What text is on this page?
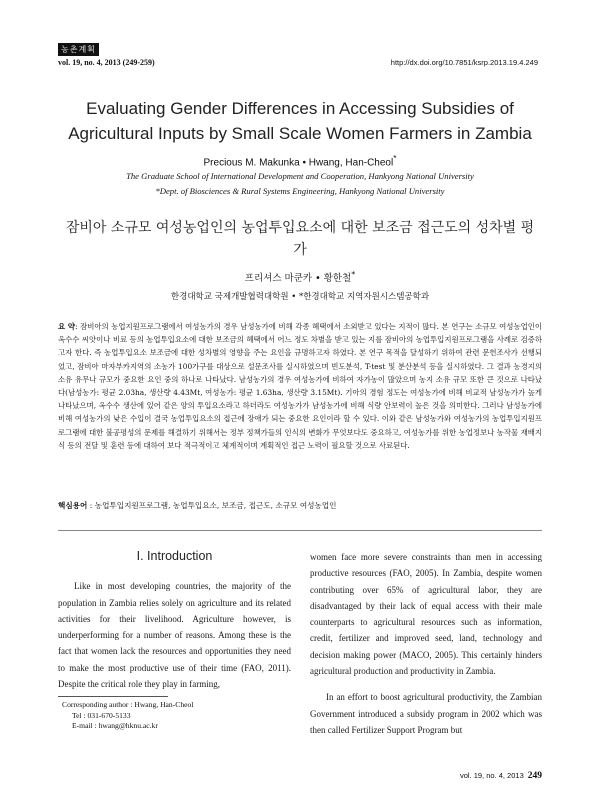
농촌계획
vol. 19, no. 4, 2013 (249-259)	http://dx.doi.org/10.7851/ksrp.2013.19.4.249
Evaluating Gender Differences in Accessing Subsidies of Agricultural Inputs by Small Scale Women Farmers in Zambia
Precious M. Makunka • Hwang, Han-Cheol*
The Graduate School of International Development and Cooperation, Hankyong National University
*Dept. of Biosciences & Rural Systems Engineering, Hankyong National University
잠비아 소규모 여성농업인의 농업투입요소에 대한 보조금 접근도의 성차별 평가
프리셔스 마쿤카 • 황한철*
한경대학교 국제개발협력대학원 • *한경대학교 지역자원시스템공학과
요 약: 잠비아의 농업지원프로그램에서 여성농가의 경우 남성농가에 비해 각종 혜택에서 소외받고 있다는 지적이 많다. 본 연구는 소규모 여성농업인이 옥수수 씨앗이나 비료 등의 농업투입요소에 대한 보조금의 혜택에서 어느 정도 차별을 받고 있는 지를 잠비아의 농업투입지원프로그램을 사례로 검증하고자 한다. 즉 농업투입요소 보조금에 대한 성차별의 영향을 주는 요인을 규명하고자 하였다. 본 연구 목적을 달성하기 위하여 관련 문헌조사가 선행되었고, 잠비아 마자부카지역의 소농가 100가구를 대상으로 설문조사를 실시하였으며 빈도분석, T-test 및 분산분석 등을 실시하였다. 그 결과 농경지의 소유 유무나 규모가 중요한 요인 중의 하나로 나타났다. 남성농가의 경우 여성농가에 비하여 자가농이 많았으며 농지 소유 규모 또한 큰 것으로 나타났다(남성농가: 평균 2.03ha, 생산량 4.43Mt, 여성농가: 평균 1.63ha, 생산량 3.15Mt). 기아의 경험 정도는 여성농가에 비해 비교적 남성농가가 높게 나타났으며, 옥수수 생산에 있어 같은 양의 투입요소라고 하더라도 여성농가가 남성농가에 비해 식량 안보력이 높은 것을 의미한다. 그러나 남성농가에 비해 여성농가의 낮은 수입이 결국 농업투입요소의 접근에 장애가 되는 중요한 요인이라 할 수 있다. 이와 같은 남성농가와 여성농가의 농업투입지원프로그램에 대한 불공평성의 문제를 해결하기 위해서는 정부 정책가들의 인식의 변화가 무엇보다도 중요하고, 여성농가를 위한 농업정보나 농작물 재배지식 등의 전달 및 훈련 등에 대하여 보다 적극적이고 체계적이며 계획적인 접근 노력이 필요할 것으로 사료된다.
핵심용어 : 농업투입지원프로그램, 농업투입요소, 보조금, 접근도, 소규모 여성농업인
I. Introduction

Like in most developing countries, the majority of the population in Zambia relies solely on agriculture and its related activities for their livelihood. Agriculture however, is underperforming for a number of reasons. Among these is the fact that women lack the resources and opportunities they need to make the most productive use of their time (FAO, 2011). Despite the critical role they play in farming,

women face more severe constraints than men in accessing productive resources (FAO, 2005). In Zambia, despite women contributing over 65% of agricultural labor, they are disadvantaged by their lack of equal access with their male counterparts to agricultural resources such as information, credit, fertilizer and improved seed, land, technology and decision making power (MACO, 2005). This certainly hinders agricultural production and productivity in Zambia.

In an effort to boost agricultural productivity, the Zambian Government introduced a subsidy program in 2002 which was then called Fertilizer Support Program but

Corresponding author : Hwang, Han-Cheol
Tel : 031-670-5133
E-mail : hwang@hknu.ac.kr
vol. 19, no. 4, 2013 249
